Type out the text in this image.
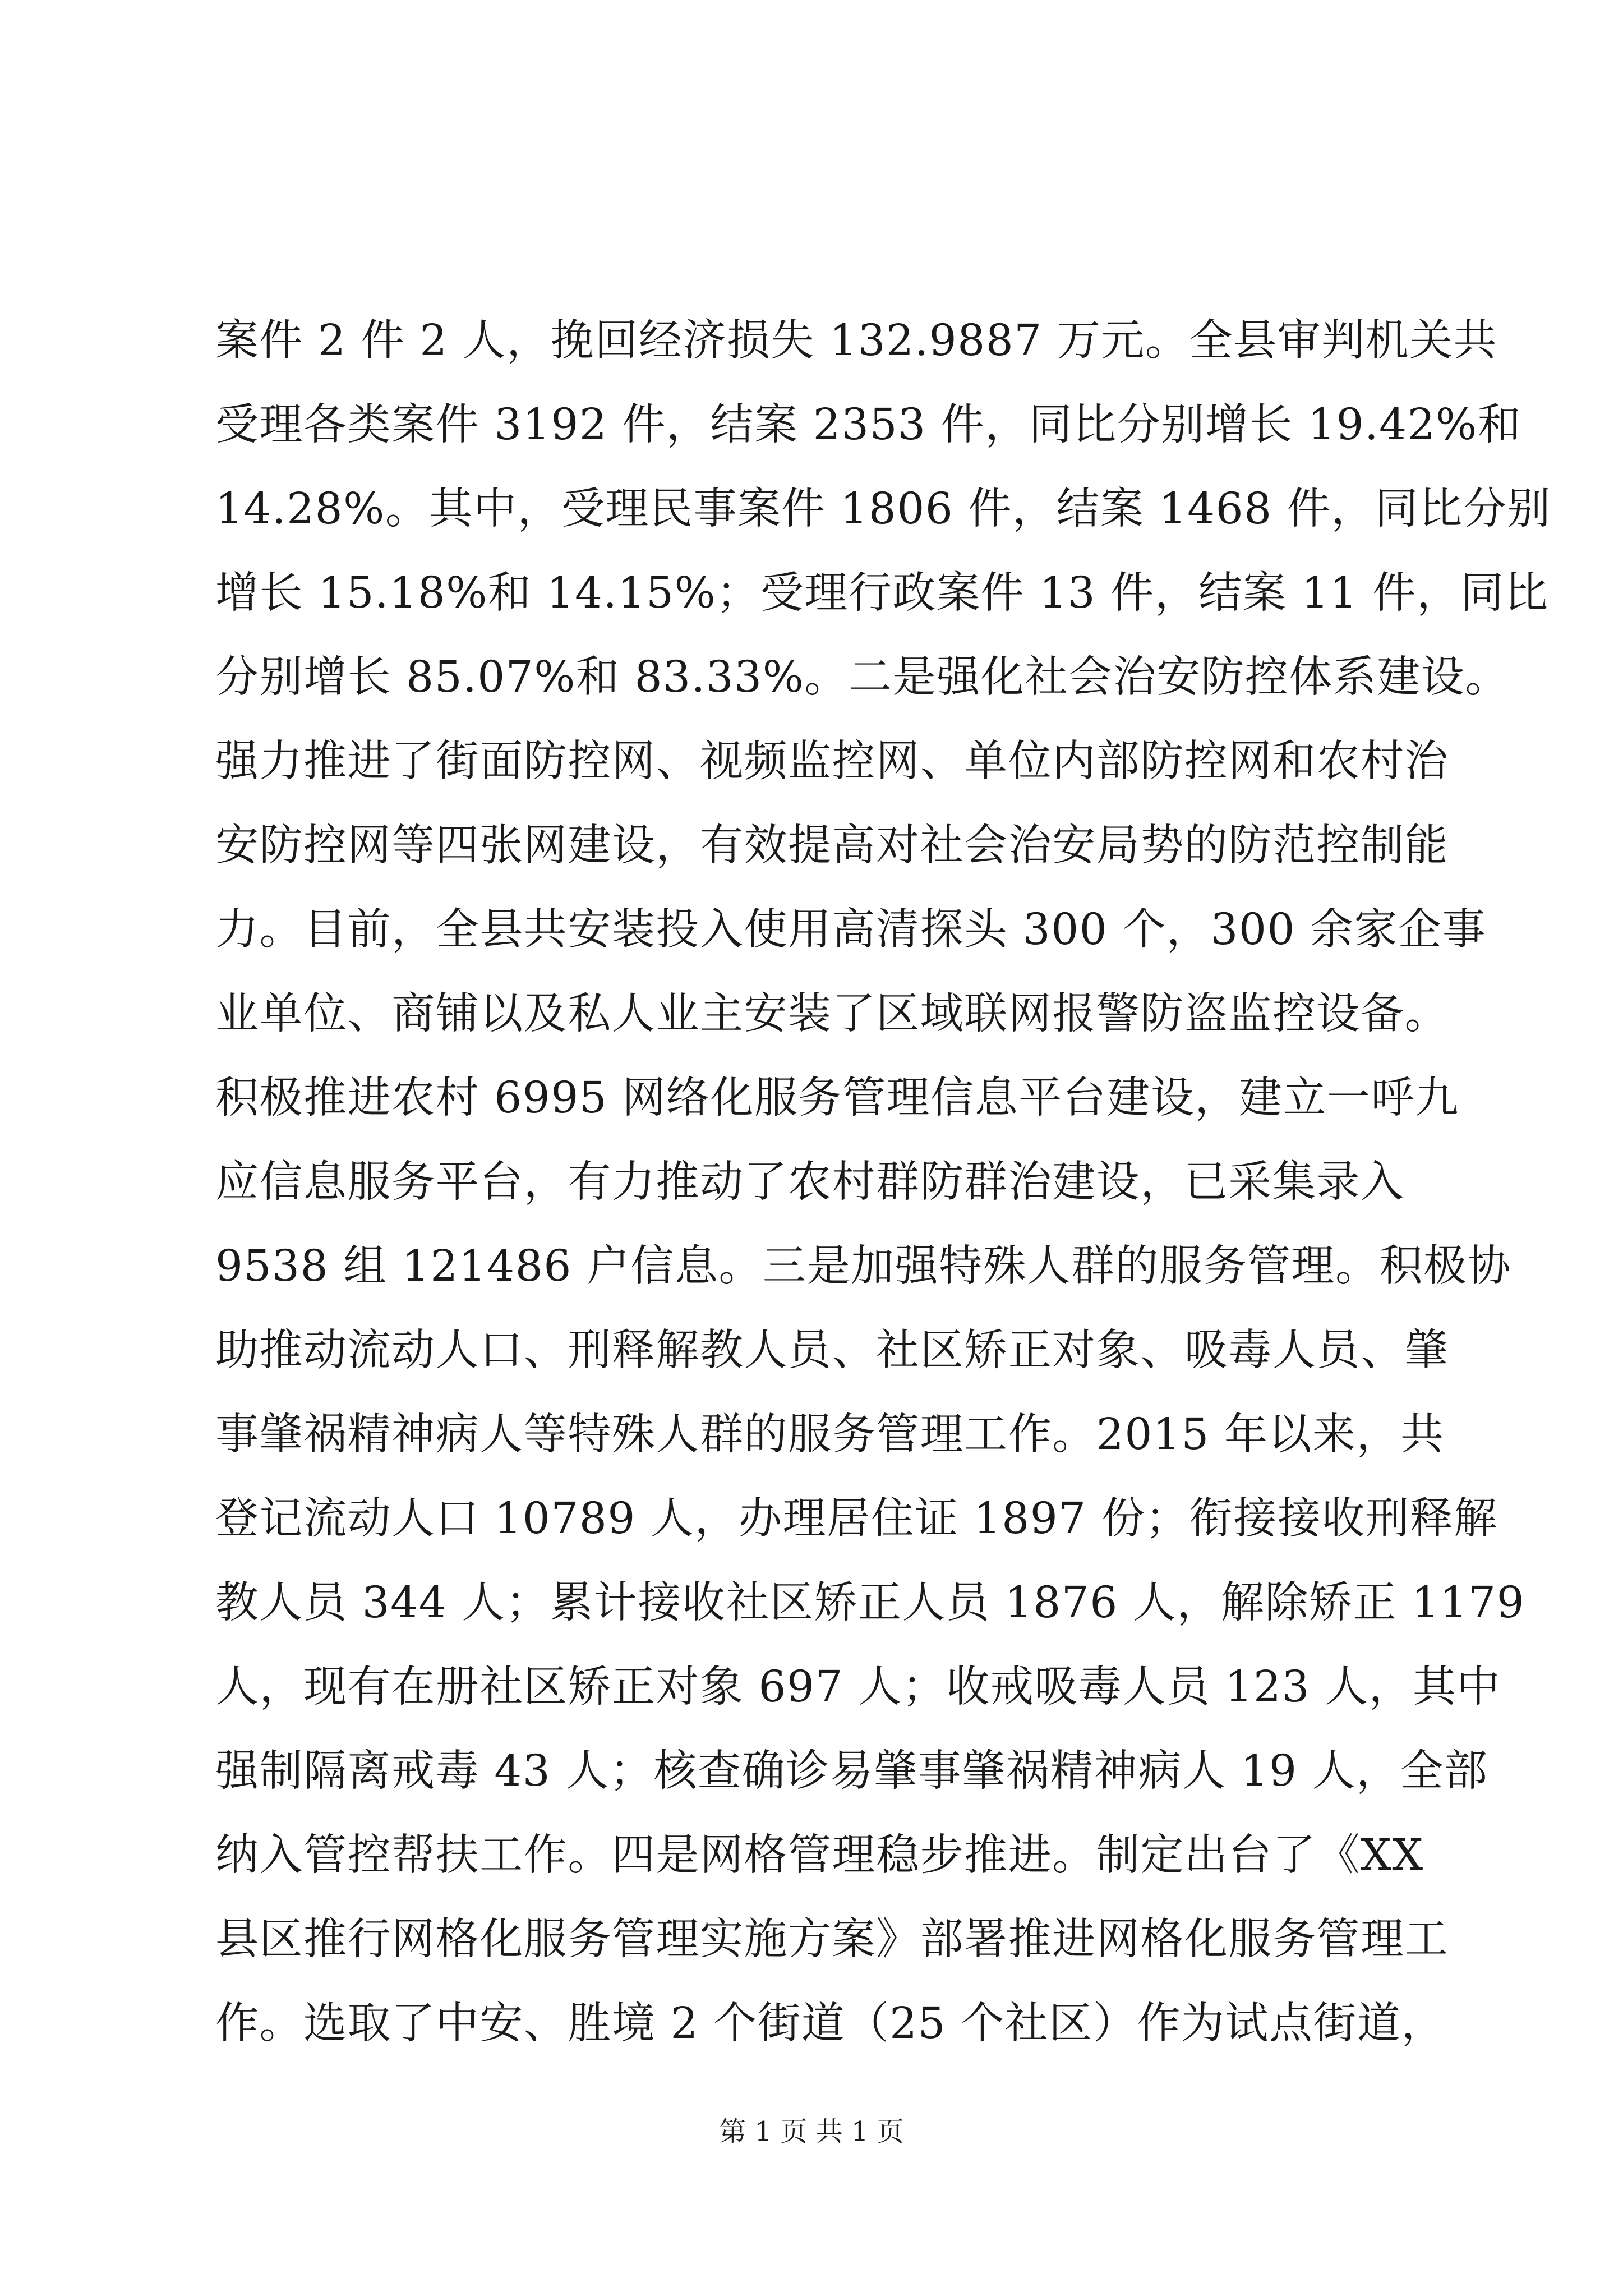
案件 2 件 2 人，挽回经济损失 132.9887 万元。全县审判机关共
受理各类案件 3192 件，结案 2353 件，同比分别增长 19.42%和
14.28%。其中，受理民事案件 1806 件，结案 1468 件，同比分别
增长 15.18%和 14.15%；受理行政案件 13 件，结案 11 件，同比
分别增长 85.07%和 83.33%。二是强化社会治安防控体系建设。
强力推进了街面防控网、视频监控网、单位内部防控网和农村治
安防控网等四张网建设，有效提高对社会治安局势的防范控制能
力。目前，全县共安装投入使用高清探头 300 个，300 余家企事
业单位、商铺以及私人业主安装了区域联网报警防盗监控设备。
积极推进农村 6995 网络化服务管理信息平台建设，建立一呼九
应信息服务平台，有力推动了农村群防群治建设，已采集录入
9538 组 121486 户信息。三是加强特殊人群的服务管理。积极协
助推动流动人口、刑释解教人员、社区矫正对象、吸毒人员、肇
事肇祸精神病人等特殊人群的服务管理工作。2015 年以来，共
登记流动人口 10789 人，办理居住证 1897 份；衔接接收刑释解
教人员 344 人；累计接收社区矫正人员 1876 人，解除矫正 1179
人，现有在册社区矫正对象 697 人；收戒吸毒人员 123 人，其中
强制隔离戒毒 43 人；核查确诊易肇事肇祸精神病人 19 人，全部
纳入管控帮扶工作。四是网格管理稳步推进。制定出台了《XX
县区推行网格化服务管理实施方案》部署推进网格化服务管理工
作。选取了中安、胜境 2 个街道（25 个社区）作为试点街道，
第 1 页 共 1 页
